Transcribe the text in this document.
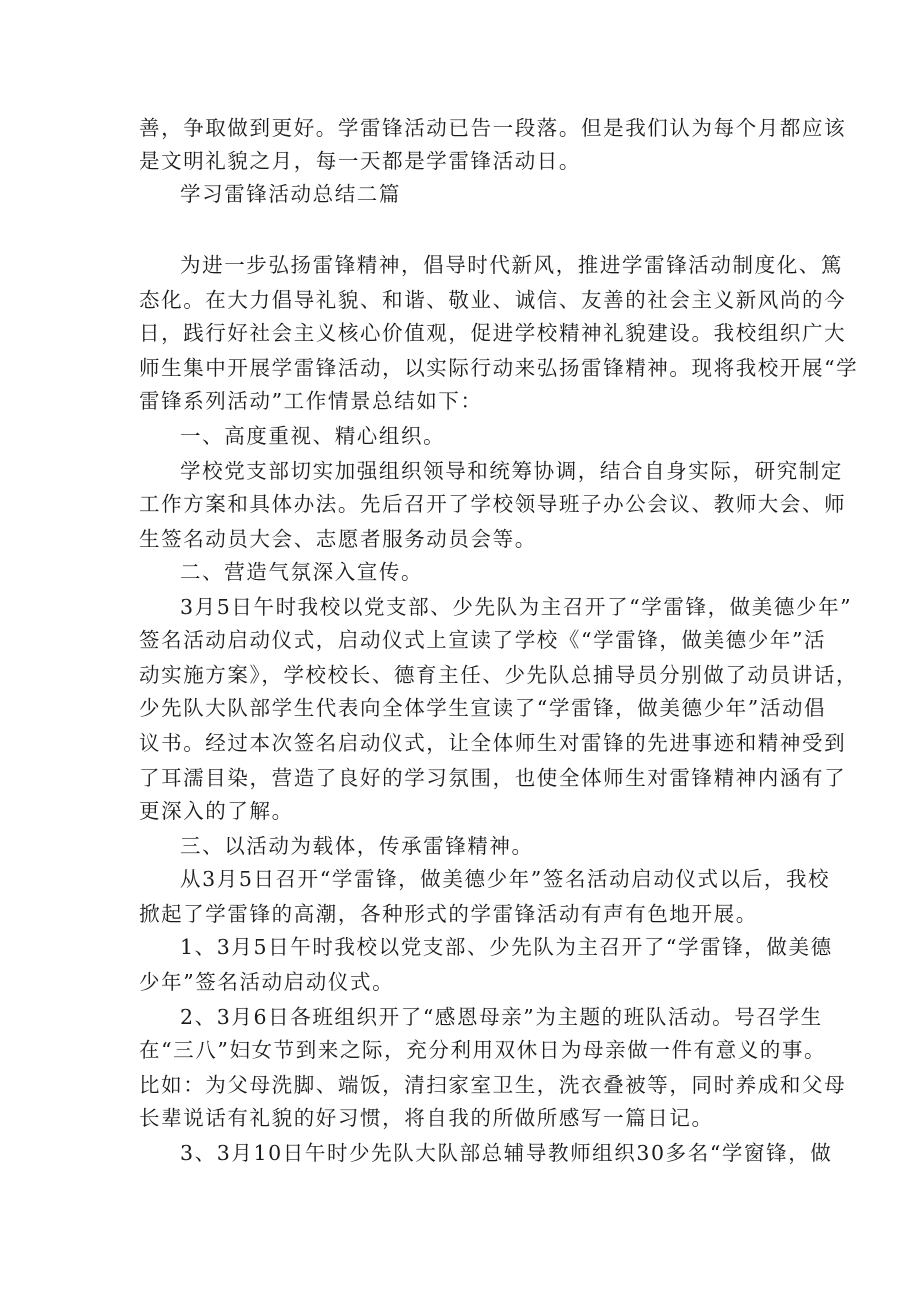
善，争取做到更好。学雷锋活动已告一段落。但是我们认为每个月都应该
是文明礼貌之月，每一天都是学雷锋活动日。
学习雷锋活动总结二篇
为进一步弘扬雷锋精神，倡导时代新风，推进学雷锋活动制度化、篤
态化。在大力倡导礼貌、和谐、敬业、诚信、友善的社会主义新风尚的今
日，践行好社会主义核心价值观，促进学校精神礼貌建设。我校组织广大
师生集中开展学雷锋活动，以实际行动来弘扬雷锋精神。现将我校开展“学
雷锋系列活动”工作情景总结如下：
一、高度重视、精心组织。
学校党支部切实加强组织领导和统筹协调，结合自身实际，研究制定
工作方案和具体办法。先后召开了学校领导班子办公会议、教师大会、师
生签名动员大会、志愿者服务动员会等。
二、营造气氛深入宣传。
3月5日午时我校以党支部、少先队为主召开了“学雷锋，做美德少年”
签名活动启动仪式，启动仪式上宣读了学校《“学雷锋，做美德少年”活
动实施方案》，学校校长、德育主任、少先队总捕导员分别做了动员讲话，
少先队大队部学生代表向全体学生宣读了“学雷锋，做美德少年”活动倡
议书。经过本次签名启动仪式，让全体师生对雷锋的先进事迹和精神受到
了耳濡目染，营造了良好的学习氛围，也使全体师生对雷锋精神内涵有了
更深入的了解。
三、以活动为载体，传承雷锋精神。
从3月5日召开“学雷锋，做美德少年”签名活动启动仪式以后，我校
掀起了学雷锋的高潮，各种形式的学雷锋活动有声有色地开展。
1、3月5日午时我校以党支部、少先队为主召开了“学雷锋，做美德
少年”签名活动启动仪式。
2、3月6日各班组织开了“感恩母亲”为主题的班队活动。号召学生
在“三八”妇女节到来之际，充分利用双休日为母亲做一件有意义的事。
比如：为父母洗脚、端饭，清扫家室卫生，洗衣叠被等，同时养成和父母
长辈说话有礼貌的好习惯，将自我的所做所感写一篇日记。
3、3月10日午时少先队大队部总辅导教师组织30多名“学窗锋，做
